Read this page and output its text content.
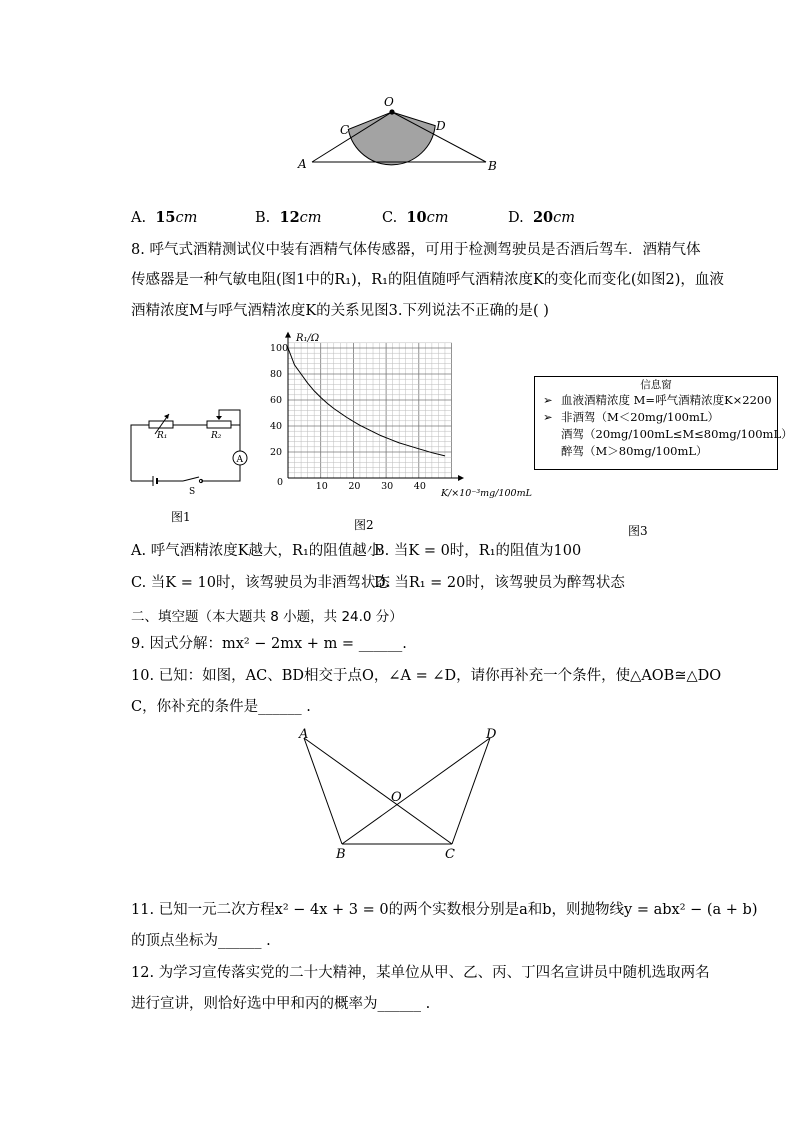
O
C	D
A	B
A. 15cm	B. 12cm	C. 10cm	D. 20cm
8. 呼气式酒精测试仪中装有酒精气体传感器，可用于检测驾驶员是否酒后驾车．酒精气体
传感器是一种气敏电阻(图1中的R₁)，R₁的阻值随呼气酒精浓度K的变化而变化(如图2)，血液
酒精浓度M与呼气酒精浓度K的关系见图3.下列说法不正确的是( )
A
R₁	R₂
S
图1
10 20 30 40
20
40
60
80
100
R₁/Ω
K/×10⁻³mg/100mL
0
图2
信息窗
➢ 血液酒精浓度 M=呼气酒精浓度K×2200
➢ 非酒驾（M＜20mg/100mL）
酒驾（20mg/100mL≤M≤80mg/100mL）
醉驾（M＞80mg/100mL）
图3
A. 呼气酒精浓度K越大，R₁的阻值越小
B. 当K = 0时，R₁的阻值为100
C. 当K = 10时，该驾驶员为非酒驾状态
D. 当R₁ = 20时，该驾驶员为醉驾状态
二、填空题（本大题共 8 小题，共 24.0 分）
9. 因式分解：mx² − 2mx + m = ______.
10. 已知：如图，AC、BD相交于点O，∠A = ∠D，请你再补充一个条件，使△AOB≅△DO
C，你补充的条件是______ .
A	D
O
B	C
11. 已知一元二次方程x² − 4x + 3 = 0的两个实数根分别是a和b，则抛物线y = abx² − (a + b)
的顶点坐标为______ .
12. 为学习宣传落实党的二十大精神，某单位从甲、乙、丙、丁四名宣讲员中随机选取两名
进行宣讲，则恰好选中甲和丙的概率为______ .
